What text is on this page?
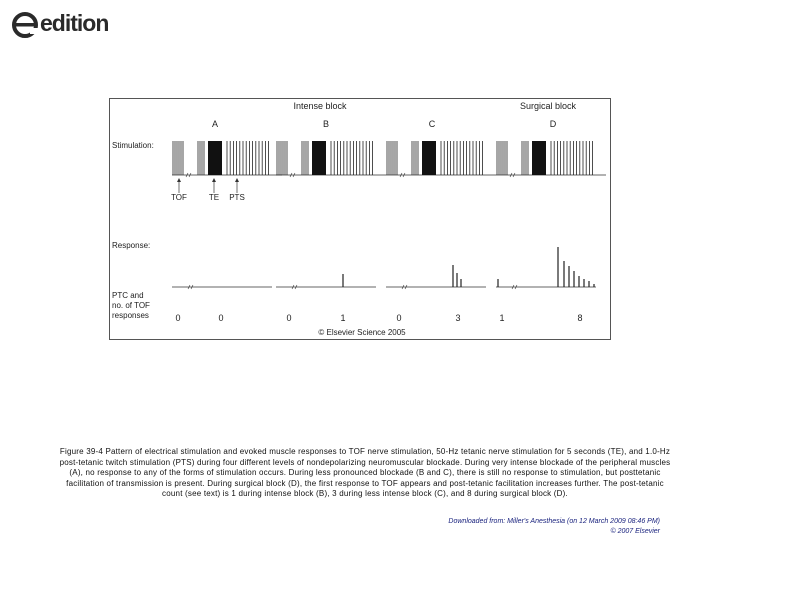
edition
Intense block	Surgical block
A	B	C	D
Stimulation:
Response:
PTC and
no. of TOF
responses
TOF	TE PTS
0	0	0	1	0	3	1	8
© Elsevier Science 2005
Figure 39-4 Pattern of electrical stimulation and evoked muscle responses to TOF nerve stimulation, 50-Hz tetanic nerve stimulation for 5 seconds (TE), and 1.0-Hz post-tetanic twitch stimulation (PTS) during four different levels of nondepolarizing neuromuscular blockade. During very intense blockade of the peripheral muscles (A), no response to any of the forms of stimulation occurs. During less pronounced blockade (B and C), there is still no response to stimulation, but posttetanic facilitation of transmission is present. During surgical block (D), the first response to TOF appears and post-tetanic facilitation increases further. The post-tetanic count (see text) is 1 during intense block (B), 3 during less intense block (C), and 8 during surgical block (D).
Downloaded from: Miller's Anesthesia (on 12 March 2009 08:46 PM)
© 2007 Elsevier
